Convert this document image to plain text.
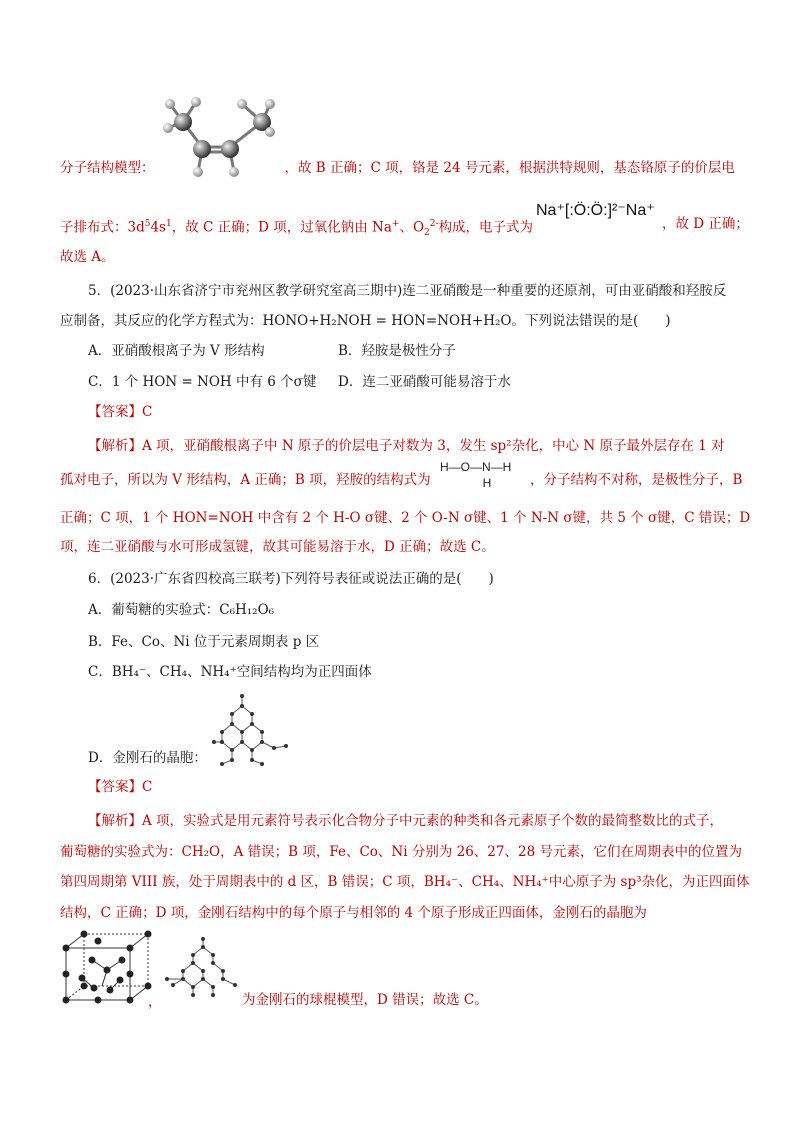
分子结构模型：	，故 B 正确；C 项，铬是 24 号元素，根据洪特规则，基态铬原子的价层电
子排布式：$3d^54s^1$，故 C 正确；D 项，过氧化钠由 Na+、$O_2^{2-}$构成，电子式为
Na⁺[:Ö:Ö:]²⁻Na⁺
，故 D 正确；
故选 A。
5．(2023·山东省济宁市兖州区教学研究室高三期中)连二亚硝酸是一种重要的还原剂，可由亚硝酸和羟胺反
应制备，其反应的化学方程式为：HONO+H₂NOH = HON=NOH+H₂O。下列说法错误的是(　　)
A．亚硝酸根离子为 V 形结构	B．羟胺是极性分子
C．1 个 HON = NOH 中有 6 个σ键 D．连二亚硝酸可能易溶于水
【答案】C
【解析】A 项，亚硝酸根离子中 N 原子的价层电子对数为 3，发生 sp²杂化，中心 N 原子最外层存在 1 对
孤对电子，所以为 V 形结构，A 正确；B 项，羟胺的结构式为
H—O—N—H
H	，分子结构不对称，是极性分子，B
正确；C 项，1 个 HON=NOH 中含有 2 个 H-O σ键、2 个 O-N σ键、1 个 N-N σ键，共 5 个 σ键，C 错误；D
项，连二亚硝酸与水可形成氢键，故其可能易溶于水，D 正确；故选 C。
6．(2023·广东省四校高三联考)下列符号表征或说法正确的是(　　)
A．葡萄糖的实验式：C₆H₁₂O₆
B．Fe、Co、Ni 位于元素周期表 p 区
C．BH₄⁻、CH₄、NH₄⁺空间结构均为正四面体
D．金刚石的晶胞：
【答案】C
【解析】A 项，实验式是用元素符号表示化合物分子中元素的种类和各元素原子个数的最简整数比的式子，
葡萄糖的实验式为：CH₂O，A 错误；B 项，Fe、Co、Ni 分别为 26、27、28 号元素，它们在周期表中的位置为
第四周期第 VIII 族，处于周期表中的 d 区，B 错误；C 项，BH₄⁻、CH₄、NH₄⁺中心原子为 sp³杂化，为正四面体
结构，C 正确；D 项，金刚石结构中的每个原子与相邻的 4 个原子形成正四面体，金刚石的晶胞为
，	为金刚石的球棍模型，D 错误；故选 C。
